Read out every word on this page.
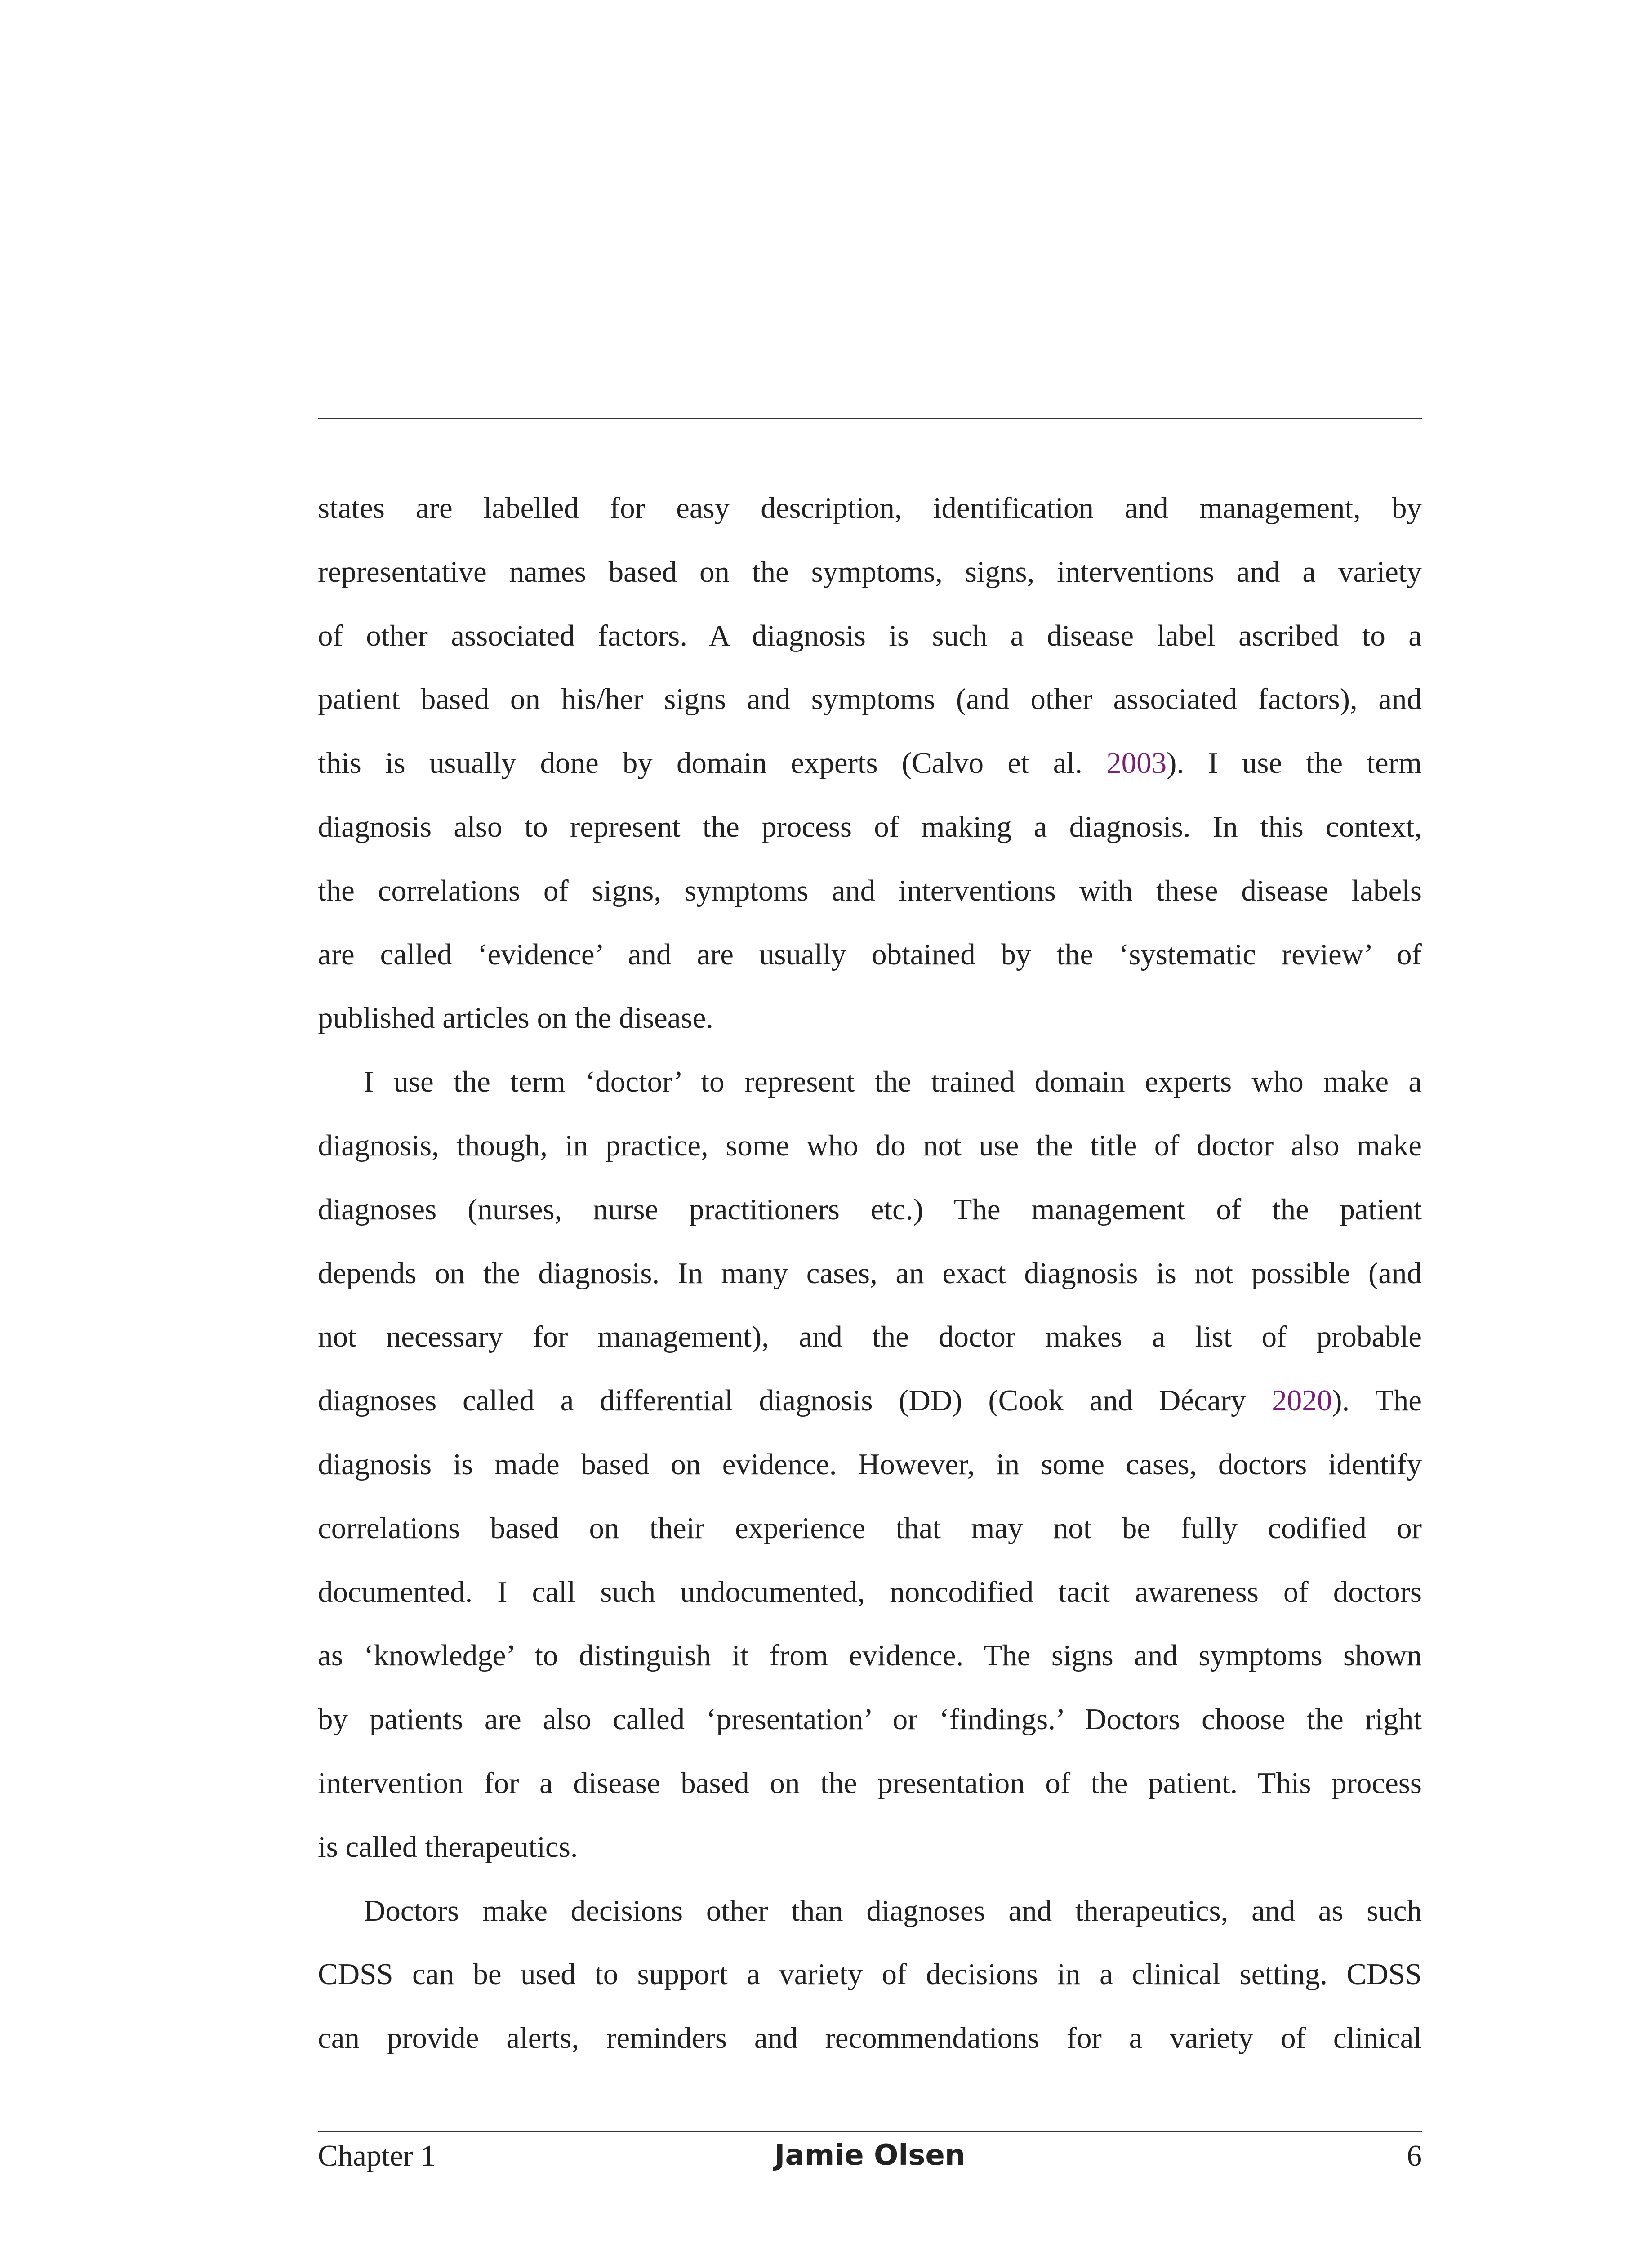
states are labelled for easy description, identification and management, by
representative names based on the symptoms, signs, interventions and a variety
of other associated factors. A diagnosis is such a disease label ascribed to a
patient based on his/her signs and symptoms (and other associated factors), and
this is usually done by domain experts (Calvo et al. 2003). I use the term
diagnosis also to represent the process of making a diagnosis. In this context,
the correlations of signs, symptoms and interventions with these disease labels
are called ‘evidence’ and are usually obtained by the ‘systematic review’ of
published articles on the disease.
I use the term ‘doctor’ to represent the trained domain experts who make a
diagnosis, though, in practice, some who do not use the title of doctor also make
diagnoses (nurses, nurse practitioners etc.) The management of the patient
depends on the diagnosis. In many cases, an exact diagnosis is not possible (and
not necessary for management), and the doctor makes a list of probable
diagnoses called a differential diagnosis (DD) (Cook and Décary 2020). The
diagnosis is made based on evidence. However, in some cases, doctors identify
correlations based on their experience that may not be fully codified or
documented. I call such undocumented, noncodified tacit awareness of doctors
as ‘knowledge’ to distinguish it from evidence. The signs and symptoms shown
by patients are also called ‘presentation’ or ‘findings.’ Doctors choose the right
intervention for a disease based on the presentation of the patient. This process
is called therapeutics.
Doctors make decisions other than diagnoses and therapeutics, and as such
CDSS can be used to support a variety of decisions in a clinical setting. CDSS
can provide alerts, reminders and recommendations for a variety of clinical
Chapter 1	Jamie Olsen	6
